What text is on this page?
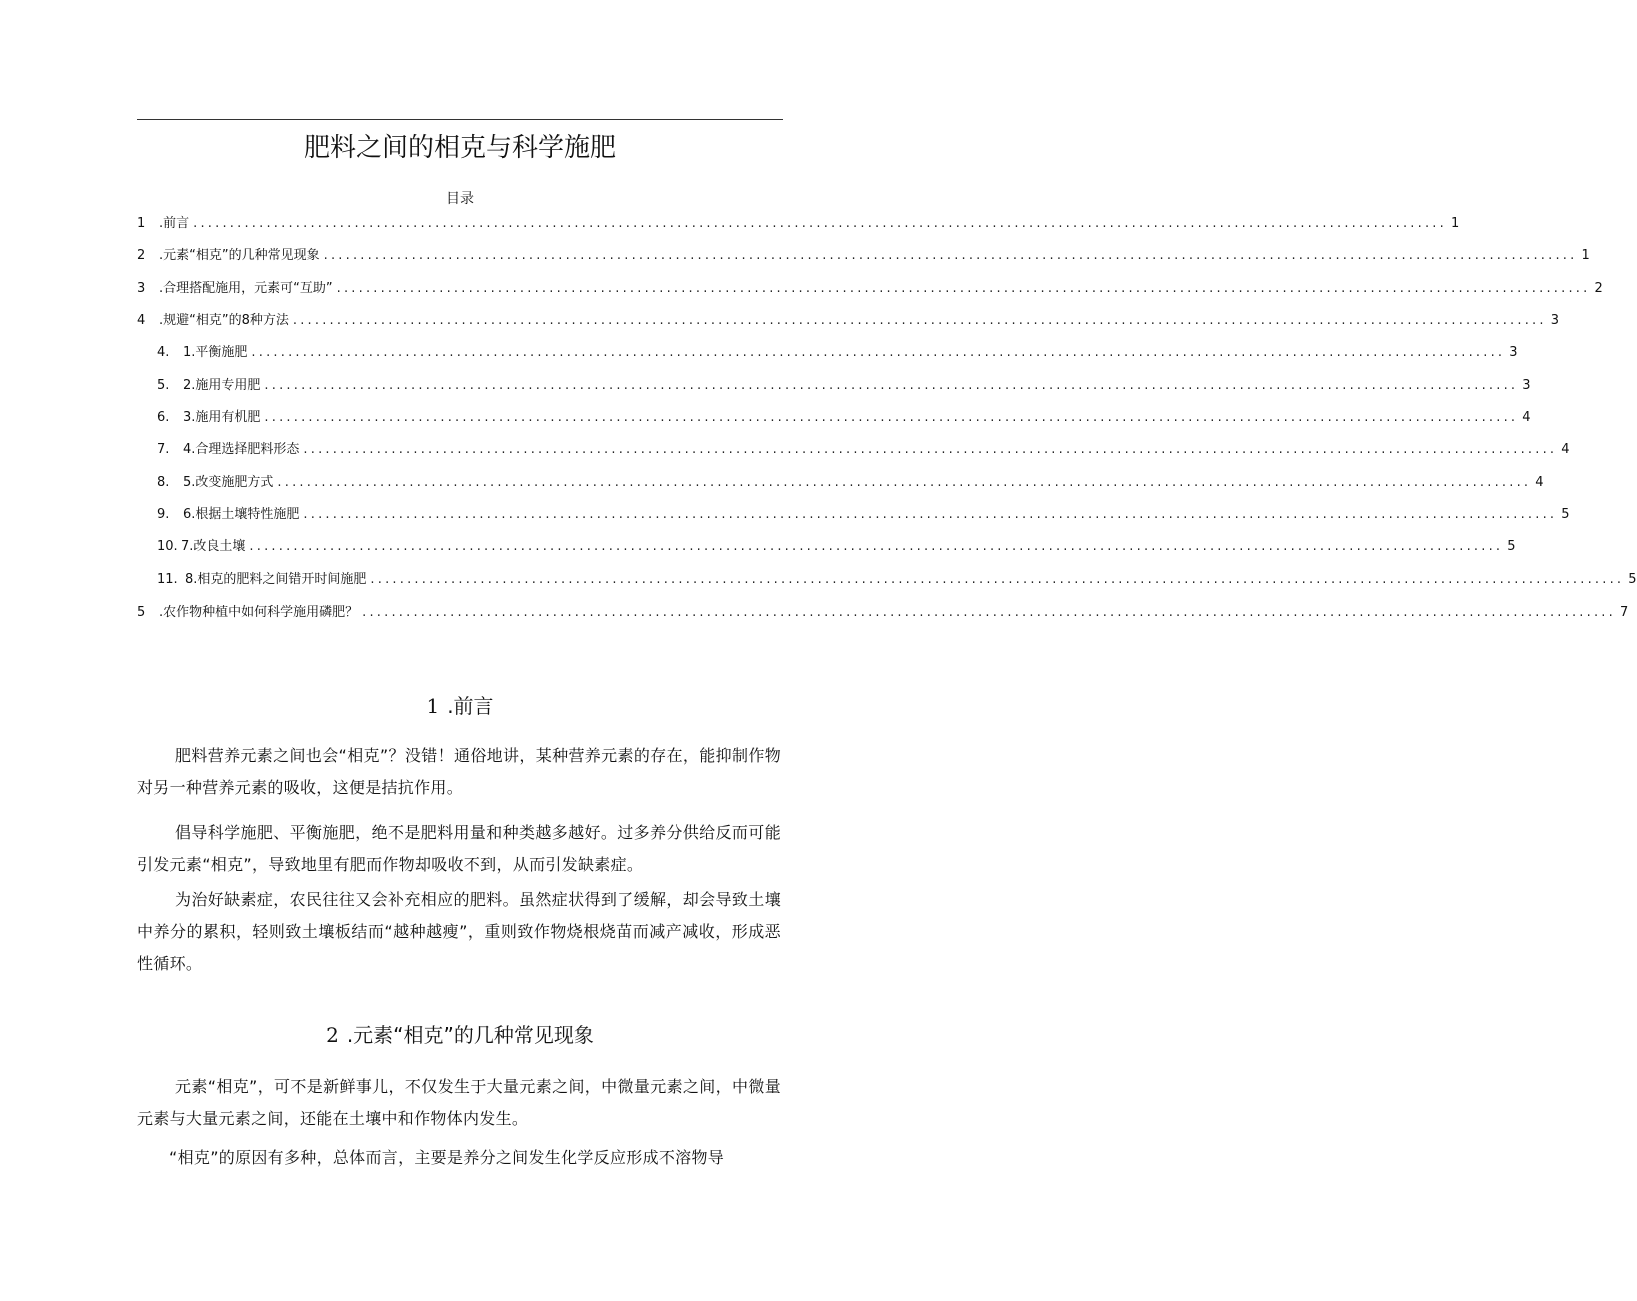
肥料之间的相克与科学施肥
目录
1	.前言 ........................................................................................................................................................................... 1
2	.元素“相克”的几种常见现象 ........................................................................................................................................................................... 1
3	.合理搭配施用，元素可“互助” ........................................................................................................................................................................... 2
4	.规避“相克”的8种方法 ........................................................................................................................................................................... 3
4.	1.平衡施肥 ........................................................................................................................................................................... 3
5.	2.施用专用肥 ........................................................................................................................................................................... 3
6.	3.施用有机肥 ........................................................................................................................................................................... 4
7.	4.合理选择肥料形态 ........................................................................................................................................................................... 4
8.	5.改变施肥方式 ........................................................................................................................................................................... 4
9.	6.根据土壤特性施肥 ........................................................................................................................................................................... 5
10. 7.改良土壤 ........................................................................................................................................................................... 5
11. 8.相克的肥料之间错开时间施肥 ........................................................................................................................................................................... 5
5	.农作物种植中如何科学施用磷肥？ ........................................................................................................................................................................... 7
1 .前言

肥料营养元素之间也会“相克”？没错！通俗地讲，某种营养元素的存在，能抑制作物对另一种营养元素的吸收，这便是拮抗作用。

倡导科学施肥、平衡施肥，绝不是肥料用量和种类越多越好。过多养分供给反而可能引发元素“相克”，导致地里有肥而作物却吸收不到，从而引发缺素症。

为治好缺素症，农民往往又会补充相应的肥料。虽然症状得到了缓解，却会导致土壤中养分的累积，轻则致土壤板结而“越种越瘦”，重则致作物烧根烧苗而减产减收，形成恶性循环。

2 .元素“相克”的几种常见现象

元素“相克”，可不是新鲜事儿，不仅发生于大量元素之间，中微量元素之间，中微量元素与大量元素之间，还能在土壤中和作物体内发生。

“相克”的原因有多种，总体而言，主要是养分之间发生化学反应形成不溶物导
